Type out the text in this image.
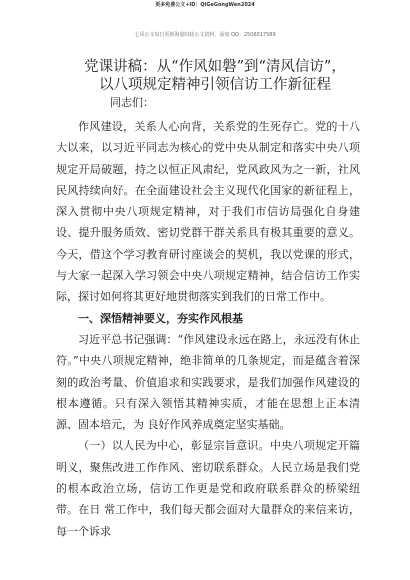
更多免费公文+ID：QiGeGongWen2024
七哥公文每日更新海量时政公文资料，添加 QQ：2506017589
党课讲稿：从“作风如磐”到“清风信访”，
以八项规定精神引领信访工作新征程
同志们：

作风建设，关系人心向背，关系党的生死存亡。党的十八大以来，以习近平同志为核心的党中央从制定和落实中央八项规定开局破题，持之以恒正风肃纪，党风政风为之一新，社风民风持续向好。在全面建设社会主义现代化国家的新征程上，深入贯彻中央八项规定精神，对于我们市信访局强化自身建设、提升服务质效、密切党群干群关系具有极其重要的意义。今天，借这个学习教育研讨座谈会的契机，我以党课的形式，与大家一起深入学习领会中央八项规定精神，结合信访工作实际，探讨如何将其更好地贯彻落实到我们的日常工作中。

一、深悟精神要义，夯实作风根基

习近平总书记强调：“作风建设永远在路上，永远没有休止符。”中央八项规定精神，绝非简单的几条规定，而是蕴含着深刻的政治考量、价值追求和实践要求，是我们加强作风建设的根本遵循。只有深入领悟其精神实质，才能在思想上正本清源、固本培元，为 良好作风养成奠定坚实基础。

（一）以人民为中心，彰显宗旨意识。中央八项规定开篇明义，聚焦改进工作作风、密切联系群众。人民立场是我们党的根本政治立场，信访工作更是党和政府联系群众的桥梁纽带。在日 常工作中，我们每天都会面对大量群众的来信来访，每一个诉求
